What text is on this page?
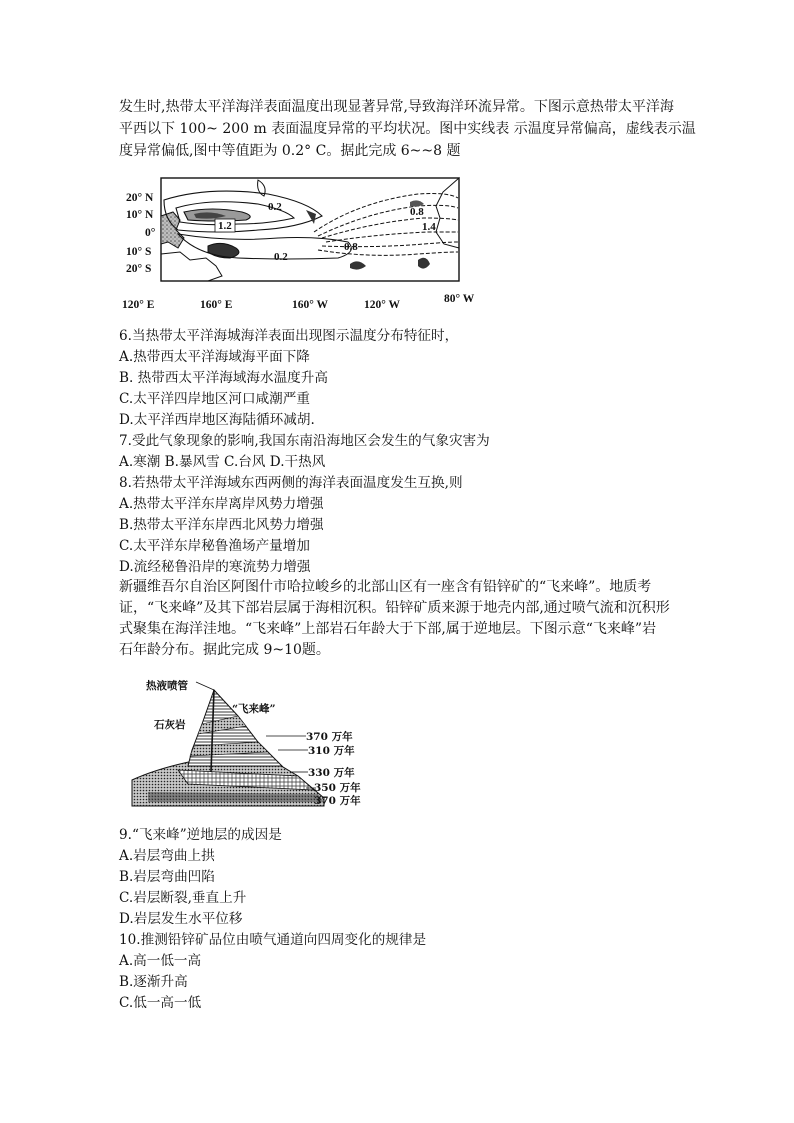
发生时,热带太平洋海洋表面温度出现显著异常,导致海洋环流异常。下图示意热带太平洋海
平西以下 100~ 200 m 表面温度异常的平均状况。图中实线表 示温度异常偏高，虚线表示温
度异常偏低,图中等值距为 0.2° C。据此完成 6~~8 题
0.2
1.2
0.2
0.8
1.4
0.8
20° N
10° N
0°
10° S
20° S
120° E	160° E	160° W	120° W	80° W
6.当热带太平洋海城海洋表面出现图示温度分布特征时，
A.热带西太平洋海域海平面下降
B. 热带西太平洋海域海水温度升高
C.太平洋四岸地区河口咸潮严重
D.太平洋西岸地区海陆循环减胡.
7.受此气象现象的影响,我国东南沿海地区会发生的气象灾害为
A.寒潮 B.暴风雪 C.台风 D.干热风
8.若热带太平洋海域东西两侧的海洋表面温度发生互换,则
A.热带太平洋东岸离岸风势力增强
B.热带太平洋东岸西北风势力增强
C.太平洋东岸秘鲁渔场产量增加
D.流经秘鲁沿岸的寒流势力增强
新疆维吾尔自治区阿图什市哈拉峻乡的北部山区有一座含有铅锌矿的“飞来峰”。地质考
证，“飞来峰”及其下部岩层属于海相沉积。铅锌矿质来源于地壳内部,通过喷气流和沉积形
式聚集在海洋洼地。“飞来峰”上部岩石年龄大于下部,属于逆地层。下图示意“飞来峰”岩
石年龄分布。据此完成 9~10题。
热液喷管
“飞来峰”
石灰岩
370 万年
310 万年
330 万年
350 万年
370 万年
9.“飞来峰”逆地层的成因是
A.岩层弯曲上拱
B.岩层弯曲凹陷
C.岩层断裂,垂直上升
D.岩层发生水平位移
10.推测铅锌矿品位由喷气通道向四周变化的规律是
A.高一低一高
B.逐渐升高
C.低一高一低
